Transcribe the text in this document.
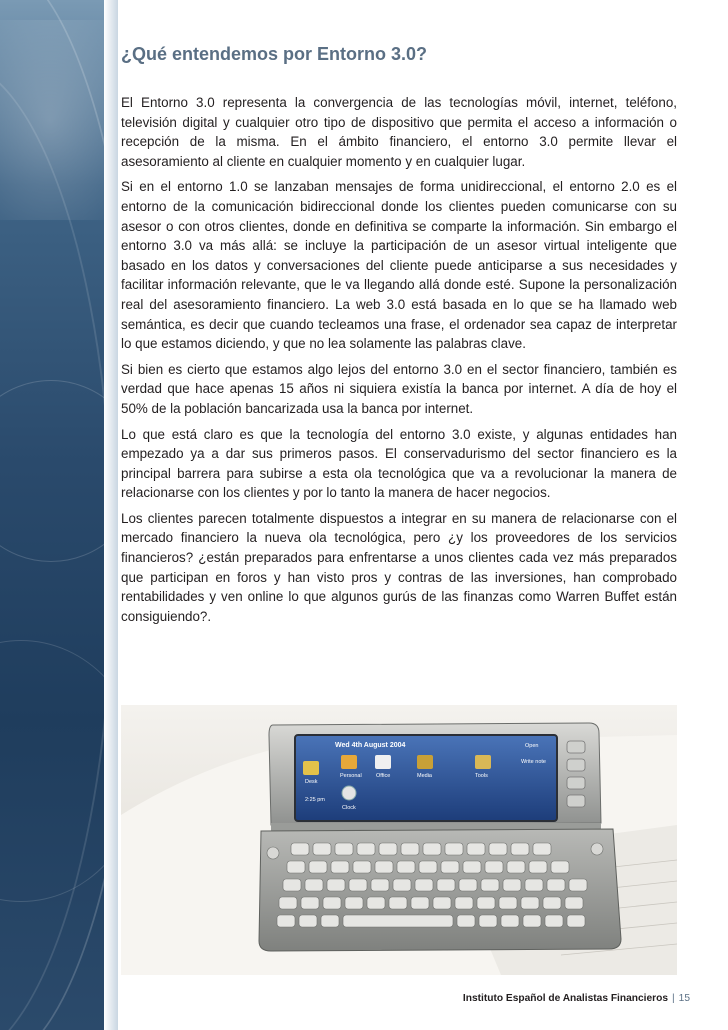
¿Qué entendemos por Entorno 3.0?

El Entorno 3.0 representa la convergencia de las tecnologías móvil, internet, teléfono, televisión digital y cualquier otro tipo de dispositivo que permita el acceso a información o recepción de la misma. En el ámbito financiero, el entorno 3.0 permite llevar el asesoramiento al cliente en cualquier momento y en cualquier lugar.

Si en el entorno 1.0 se lanzaban mensajes de forma unidireccional, el entorno 2.0 es el entorno de la comunicación bidireccional donde los clientes pueden comunicarse con su asesor o con otros clientes, donde en definitiva se comparte la información. Sin embargo el entorno 3.0 va más allá: se incluye la participación de un asesor virtual inteligente que basado en los datos y conversaciones del cliente puede anticiparse a sus necesidades y facilitar información relevante, que le va llegando allá donde esté. Supone la personalización real del asesoramiento financiero. La web 3.0 está basada en lo que se ha llamado web semántica, es decir que cuando tecleamos una frase, el ordenador sea capaz de interpretar lo que estamos diciendo, y que no lea solamente las palabras clave.

Si bien es cierto que estamos algo lejos del entorno 3.0 en el sector financiero, también es verdad que hace apenas 15 años ni siquiera existía la banca por internet. A día de hoy el 50% de la población bancarizada usa la banca por internet.

Lo que está claro es que la tecnología del entorno 3.0 existe, y algunas entidades han empezado ya a dar sus primeros pasos. El conservadurismo del sector financiero es la principal barrera para subirse a esta ola tecnológica que va a revolucionar la manera de relacionarse con los clientes y por lo tanto la manera de hacer negocios.

Los clientes parecen totalmente dispuestos a integrar en su manera de relacionarse con el mercado financiero la nueva ola tecnológica, pero ¿y los proveedores de los servicios financieros? ¿están preparados para enfrentarse a unos clientes cada vez más preparados que participan en foros y han visto pros y contras de las inversiones, han comprobado rentabilidades y ven online lo que algunos gurús de las finanzas como Warren Buffet están consiguiendo?.

Wed 4th August 2004
Desk
Personal	Office	Media	Tools
Clock
2:25 pm
Open
Write note
Instituto Español de Analistas Financieros | 15
